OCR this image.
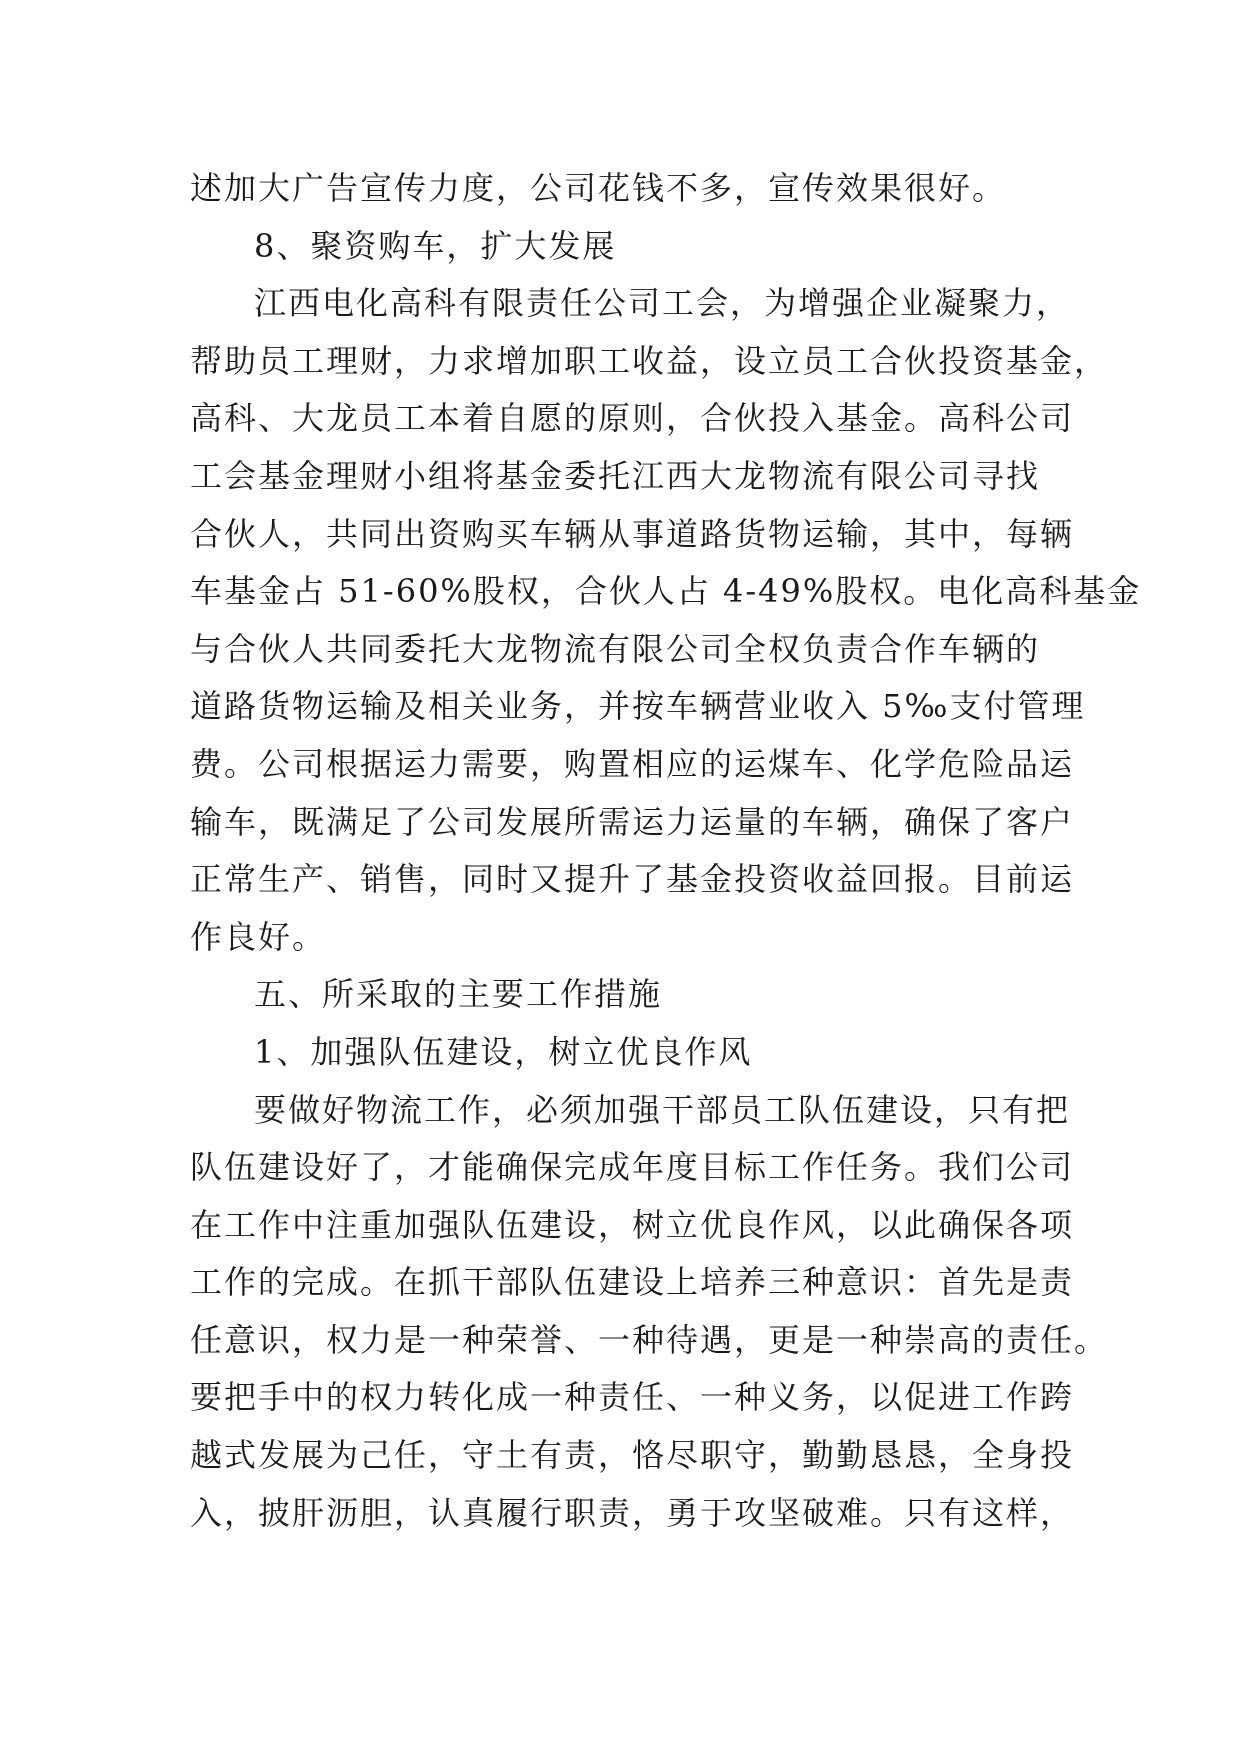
述加大广告宣传力度，公司花钱不多，宣传效果很好。
8、聚资购车，扩大发展
江西电化高科有限责任公司工会，为增强企业凝聚力，
帮助员工理财，力求增加职工收益，设立员工合伙投资基金，
高科、大龙员工本着自愿的原则，合伙投入基金。高科公司
工会基金理财小组将基金委托江西大龙物流有限公司寻找
合伙人，共同出资购买车辆从事道路货物运输，其中，每辆
车基金占 51-60%股权，合伙人占 4-49%股权。电化高科基金
与合伙人共同委托大龙物流有限公司全权负责合作车辆的
道路货物运输及相关业务，并按车辆营业收入 5‰支付管理
费。公司根据运力需要，购置相应的运煤车、化学危险品运
输车，既满足了公司发展所需运力运量的车辆，确保了客户
正常生产、销售，同时又提升了基金投资收益回报。目前运
作良好。
五、所采取的主要工作措施
1、加强队伍建设，树立优良作风
要做好物流工作，必须加强干部员工队伍建设，只有把
队伍建设好了，才能确保完成年度目标工作任务。我们公司
在工作中注重加强队伍建设，树立优良作风，以此确保各项
工作的完成。在抓干部队伍建设上培养三种意识：首先是责
任意识，权力是一种荣誉、一种待遇，更是一种崇高的责任。
要把手中的权力转化成一种责任、一种义务，以促进工作跨
越式发展为己任，守土有责，恪尽职守，勤勤恳恳，全身投
入，披肝沥胆，认真履行职责，勇于攻坚破难。只有这样，
